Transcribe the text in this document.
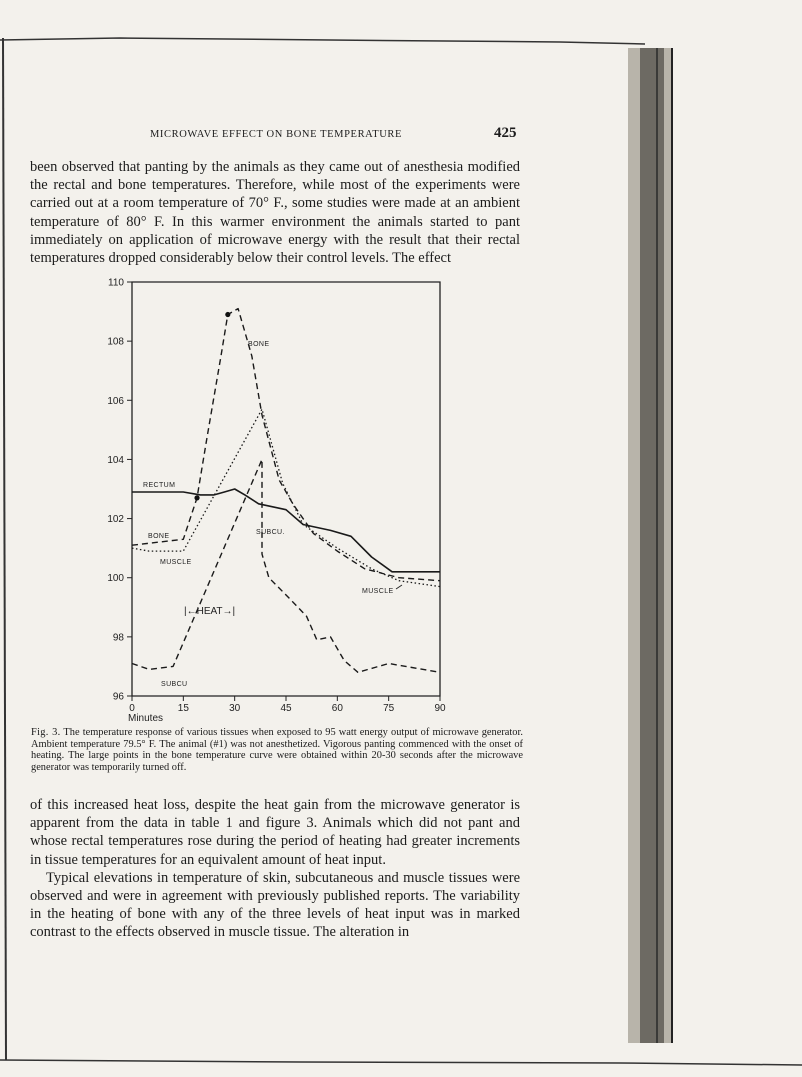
MICROWAVE EFFECT ON BONE TEMPERATURE	425

been observed that panting by the animals as they came out of anesthesia modified the rectal and bone temperatures. Therefore, while most of the experiments were carried out at a room temperature of 70° F., some studies were made at an ambient temperature of 80° F. In this warmer environment the animals started to pant immediately on application of microwave energy with the result that their rectal temperatures dropped considerably below their control levels. The effect

96
98
100
102
104
106
108
110
0	15	30	45	60	75	90
Minutes
BONE
BONE
MUSCLE
MUSCLE
SUBCU
SUBCU.
RECTUM
|←HEAT→|
Fig. 3. The temperature response of various tissues when exposed to 95 watt energy output of microwave generator. Ambient temperature 79.5° F. The animal (#1) was not anesthetized. Vigorous panting commenced with the onset of heating. The large points in the bone temperature curve were obtained within 20-30 seconds after the microwave generator was temporarily turned off.

of this increased heat loss, despite the heat gain from the microwave generator is apparent from the data in table 1 and figure 3. Animals which did not pant and whose rectal temperatures rose during the period of heating had greater increments in tissue temperatures for an equivalent amount of heat input.

Typical elevations in temperature of skin, subcutaneous and muscle tissues were observed and were in agreement with previously published reports. The variability in the heating of bone with any of the three levels of heat input was in marked contrast to the effects observed in muscle tissue. The alteration in
